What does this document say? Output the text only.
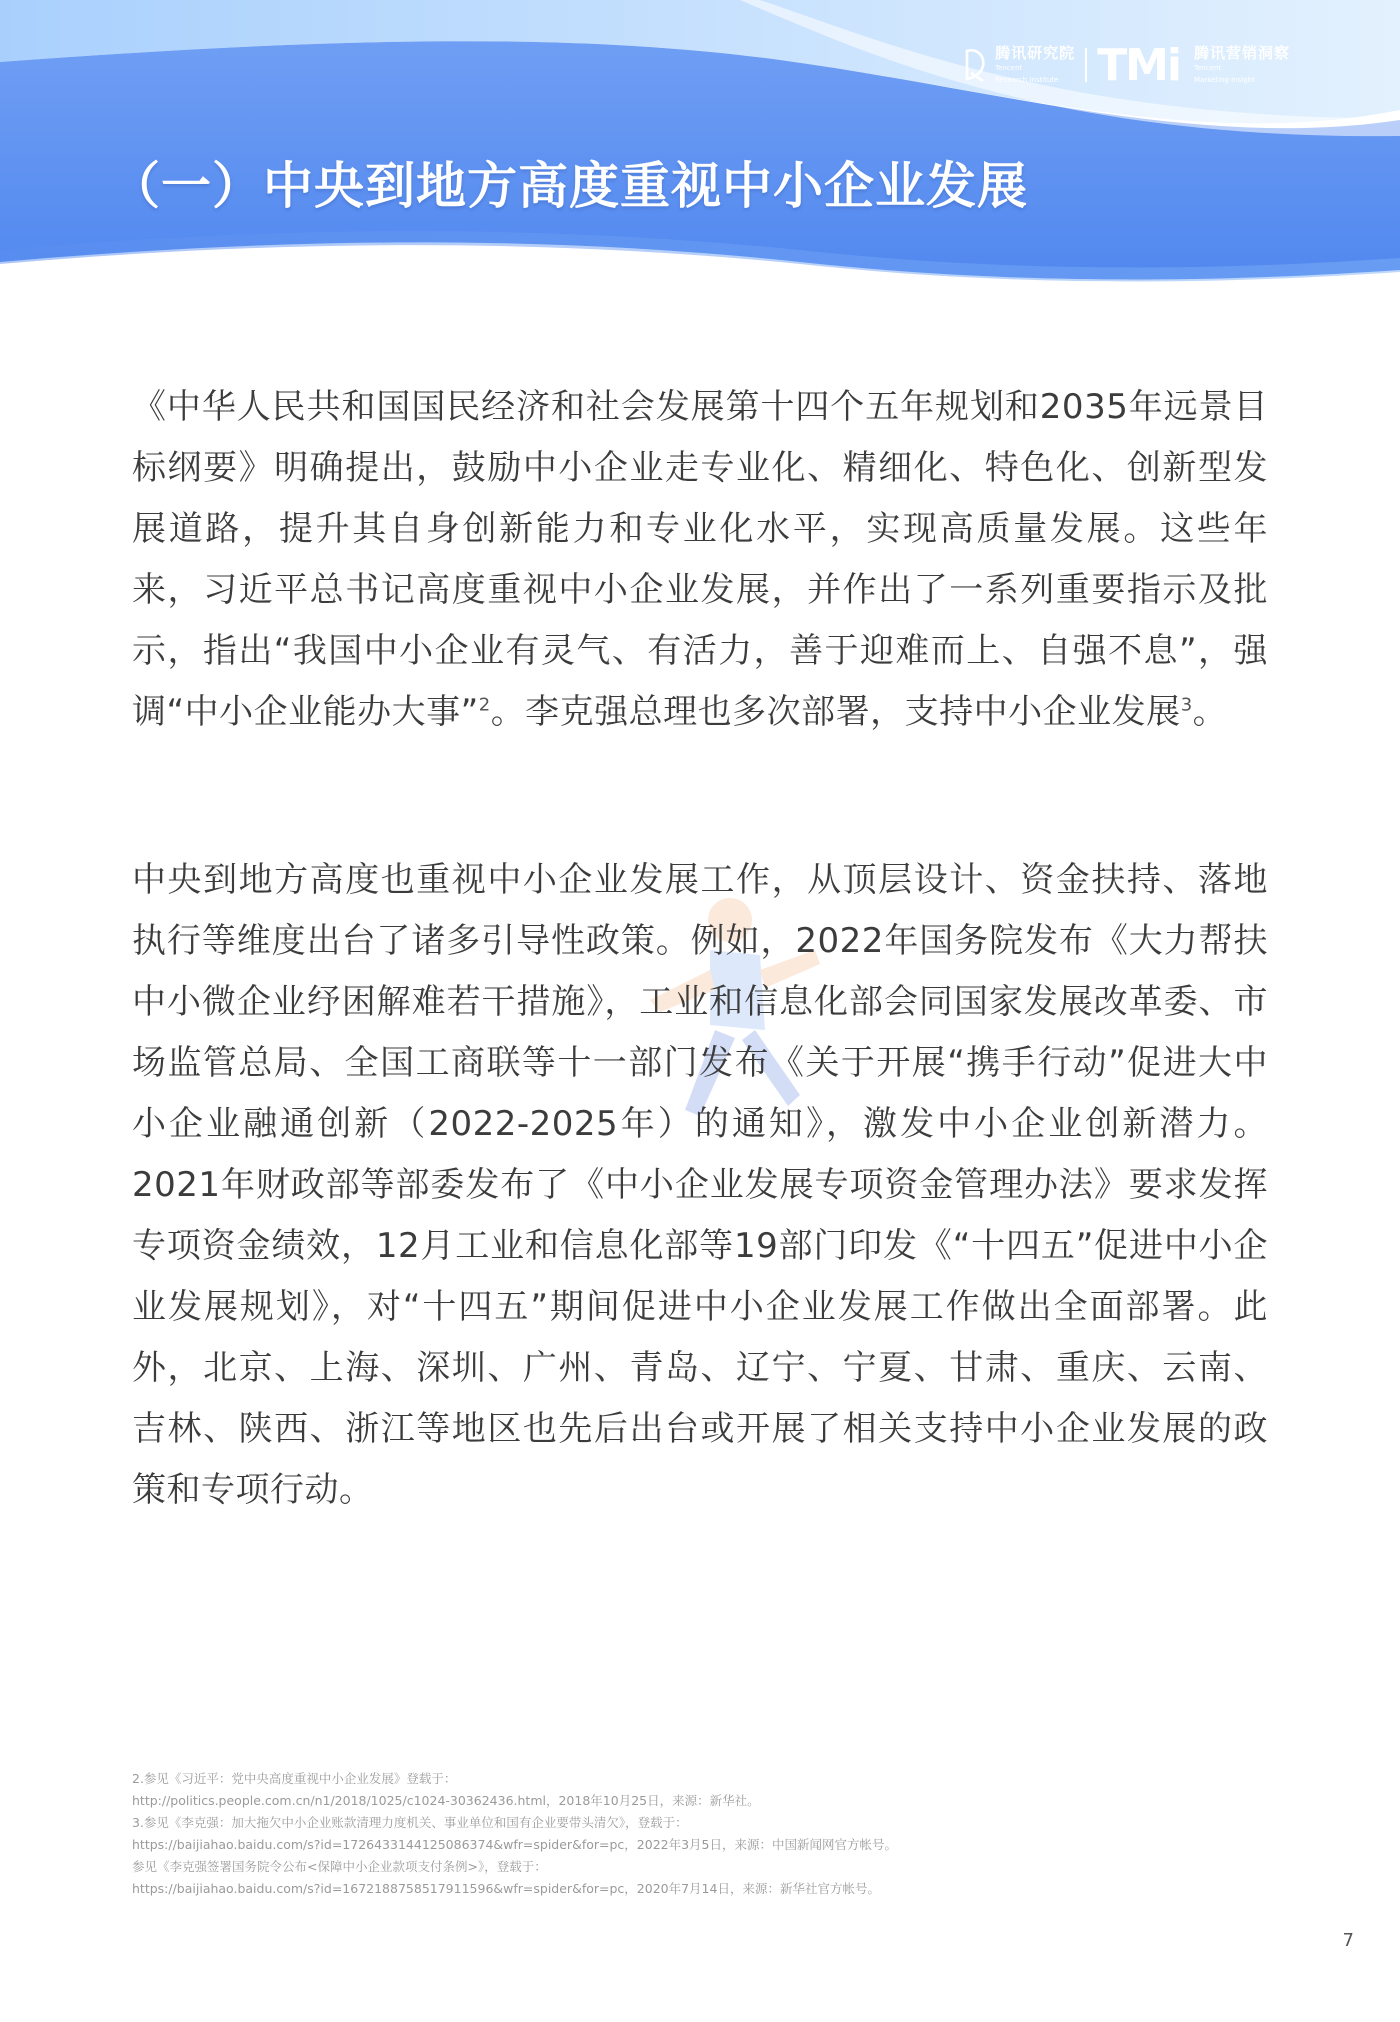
腾讯研究院
Tencent
Research Institute TMi 腾讯营销洞察
Tencent
Marketing Insight
（一）中央到地方高度重视中小企业发展

《中华人民共和国国民经济和社会发展第十四个五年规划和2035年远景目标纲要》明确提出，鼓励中小企业走专业化、精细化、特色化、创新型发展道路，提升其自身创新能力和专业化水平，实现高质量发展。这些年来，习近平总书记高度重视中小企业发展，并作出了一系列重要指示及批示，指出“我国中小企业有灵气、有活力，善于迎难而上、自强不息”，强调“中小企业能办大事”$^2$。李克强总理也多次部署，支持中小企业发展$^3$。

中央到地方高度也重视中小企业发展工作，从顶层设计、资金扶持、落地执行等维度出台了诸多引导性政策。例如，2022年国务院发布《大力帮扶中小微企业纾困解难若干措施》，工业和信息化部会同国家发展改革委、市场监管总局、全国工商联等十一部门发布《关于开展“携手行动”促进大中小企业融通创新（2022-2025年）的通知》，激发中小企业创新潜力。2021年财政部等部委发布了《中小企业发展专项资金管理办法》要求发挥专项资金绩效，12月工业和信息化部等19部门印发《“十四五”促进中小企业发展规划》，对“十四五”期间促进中小企业发展工作做出全面部署。此外，北京、上海、深圳、广州、青岛、辽宁、宁夏、甘肃、重庆、云南、吉林、陕西、浙江等地区也先后出台或开展了相关支持中小企业发展的政策和专项行动。

2.参见《习近平：党中央高度重视中小企业发展》登载于：
http://politics.people.com.cn/n1/2018/1025/c1024-30362436.html，2018年10月25日，来源：新华社。
3.参见《李克强：加大拖欠中小企业账款清理力度机关、事业单位和国有企业要带头清欠》，登载于：
https://baijiahao.baidu.com/s?id=1726433144125086374&wfr=spider&for=pc，2022年3月5日，来源：中国新闻网官方帐号。
参见《李克强签署国务院令公布<保障中小企业款项支付条例>》，登载于：
https://baijiahao.baidu.com/s?id=1672188758517911596&wfr=spider&for=pc，2020年7月14日，来源：新华社官方帐号。
7
